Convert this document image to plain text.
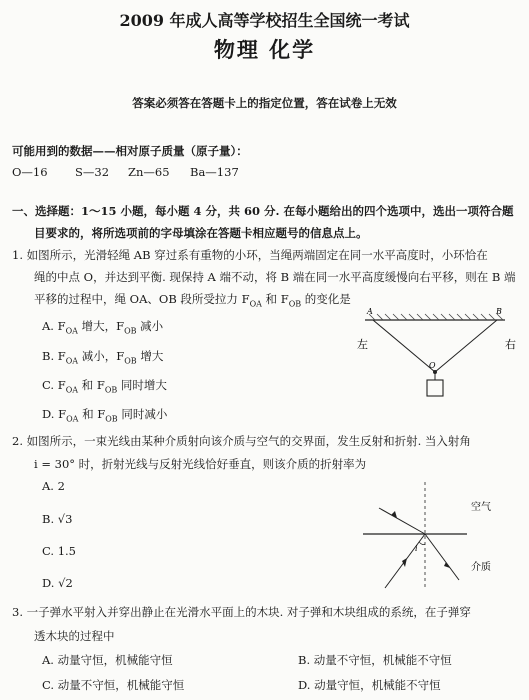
2009 年成人高等学校招生全国统一考试
物理 化学
答案必须答在答题卡上的指定位置，答在试卷上无效
可能用到的数据——相对原子质量（原子量）：
O—16 S—32 Zn—65 Ba—137
一、选择题：1～15 小题，每小题 4 分，共 60 分. 在每小题给出的四个选项中，选出一项符合题
目要求的，将所选项前的字母填涂在答题卡相应题号的信息点上。
1. 如图所示，光滑轻绳 AB 穿过系有重物的小环，当绳两端固定在同一水平高度时，小环恰在
绳的中点 O，并达到平衡. 现保持 A 端不动，将 B 端在同一水平高度缓慢向右平移，则在 B 端
平移的过程中，绳 OA、OB 段所受拉力 $F_{OA}$ 和 $F_{OB}$ 的变化是
A. $F_{OA}$ 增大，$F_{OB}$ 减小
B. $F_{OA}$ 减小，$F_{OB}$ 增大
C. $F_{OA}$ 和 $F_{OB}$ 同时增大
D. $F_{OA}$ 和 $F_{OB}$ 同时减小
A	B
O
左	右
2. 如图所示，一束光线由某种介质射向该介质与空气的交界面，发生反射和折射. 当入射角
i = 30° 时，折射光线与反射光线恰好垂直，则该介质的折射率为
A. 2
B. √3
C. 1.5
D. √2
i
空气
介质
3. 一子弹水平射入并穿出静止在光滑水平面上的木块. 对子弹和木块组成的系统，在子弹穿
透木块的过程中
A. 动量守恒，机械能守恒	B. 动量不守恒，机械能不守恒
C. 动量不守恒，机械能守恒	D. 动量守恒，机械能不守恒
